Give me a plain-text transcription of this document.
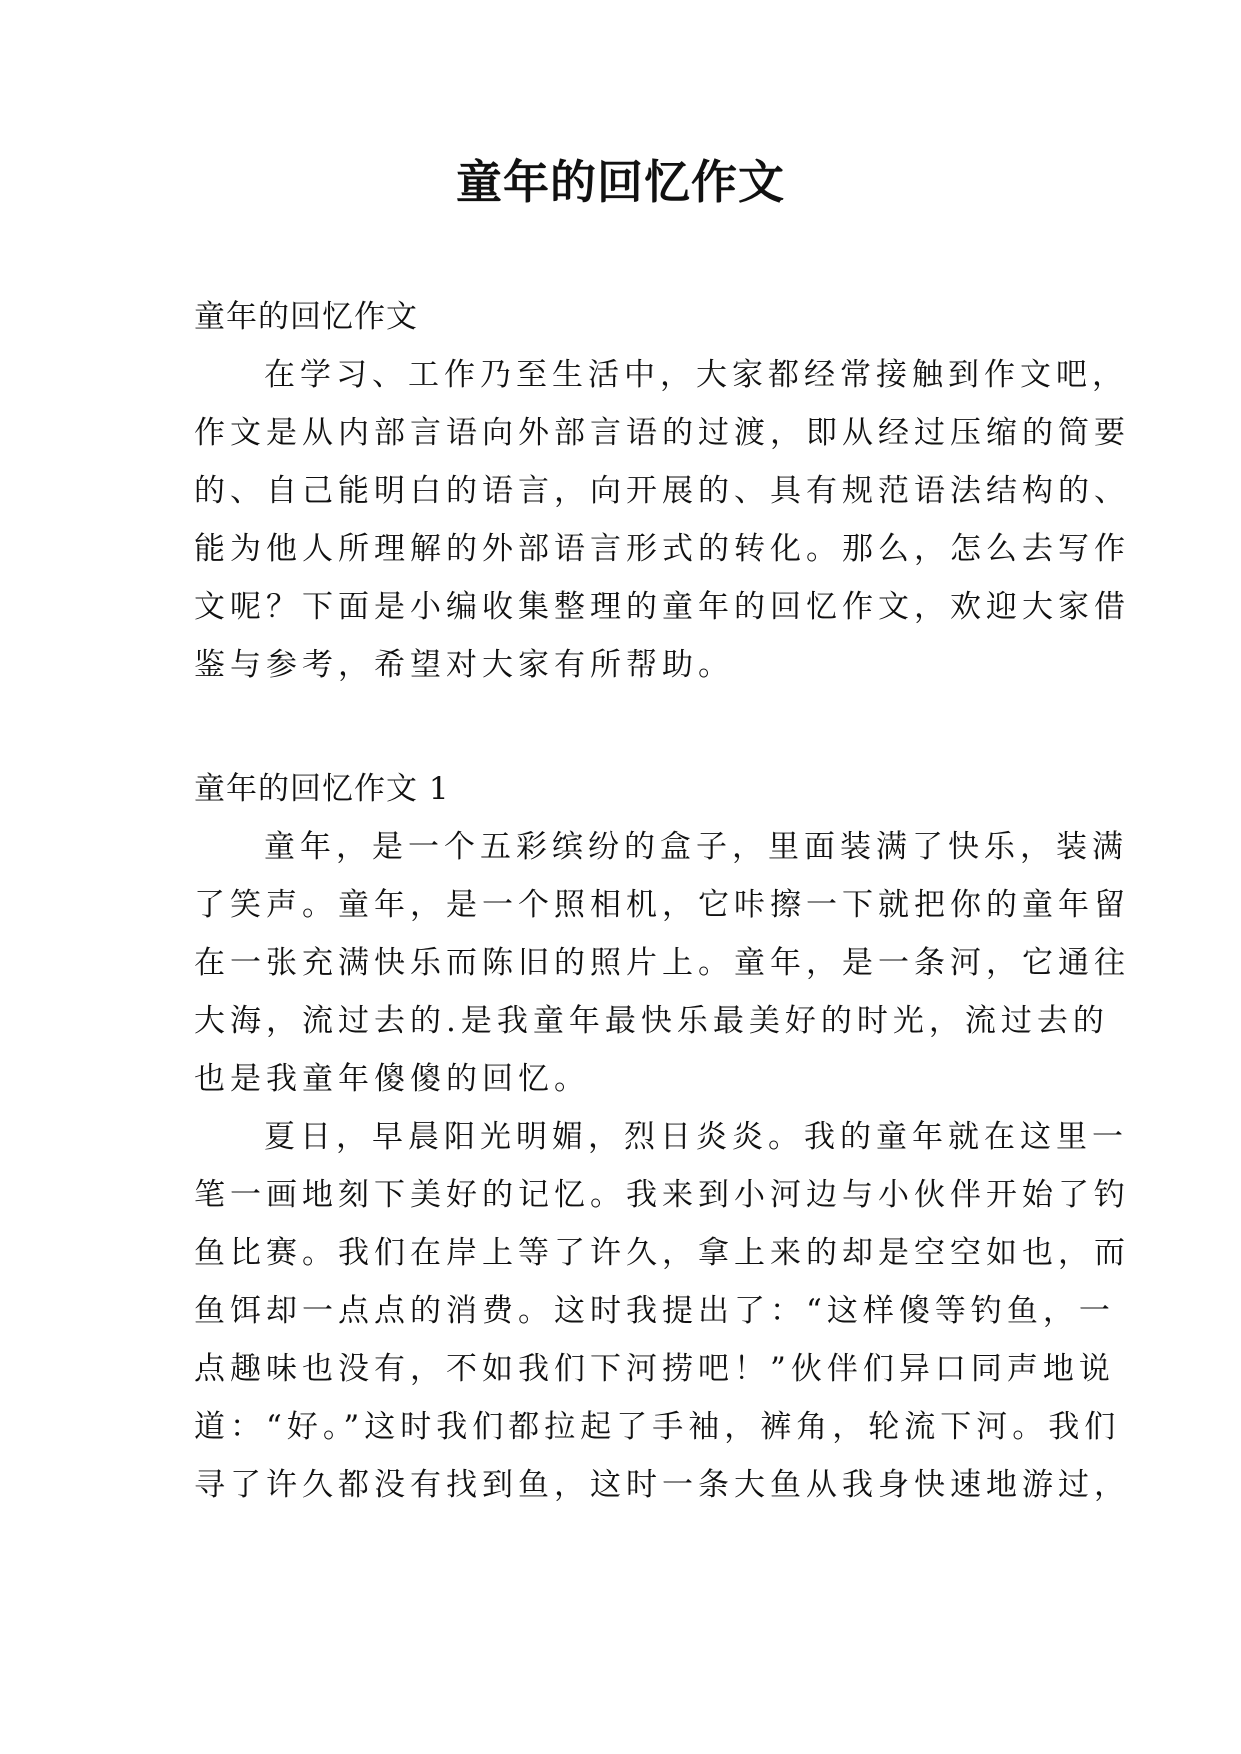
童年的回忆作文

童年的回忆作文

在学习、工作乃至生活中，大家都经常接触到作文吧，
作文是从内部言语向外部言语的过渡，即从经过压缩的简要
的、自己能明白的语言，向开展的、具有规范语法结构的、
能为他人所理解的外部语言形式的转化。那么，怎么去写作
文呢？下面是小编收集整理的童年的回忆作文，欢迎大家借
鉴与参考，希望对大家有所帮助。

童年的回忆作文 1

童年，是一个五彩缤纷的盒子，里面装满了快乐，装满
了笑声。童年，是一个照相机，它咔擦一下就把你的童年留
在一张充满快乐而陈旧的照片上。童年，是一条河，它通往
大海，流过去的.是我童年最快乐最美好的时光，流过去的
也是我童年傻傻的回忆。
夏日，早晨阳光明媚，烈日炎炎。我的童年就在这里一
笔一画地刻下美好的记忆。我来到小河边与小伙伴开始了钓
鱼比赛。我们在岸上等了许久，拿上来的却是空空如也，而
鱼饵却一点点的消费。这时我提出了：“这样傻等钓鱼，一
点趣味也没有，不如我们下河捞吧！”伙伴们异口同声地说
道：“好。”这时我们都拉起了手袖，裤角，轮流下河。我们
寻了许久都没有找到鱼，这时一条大鱼从我身快速地游过，
